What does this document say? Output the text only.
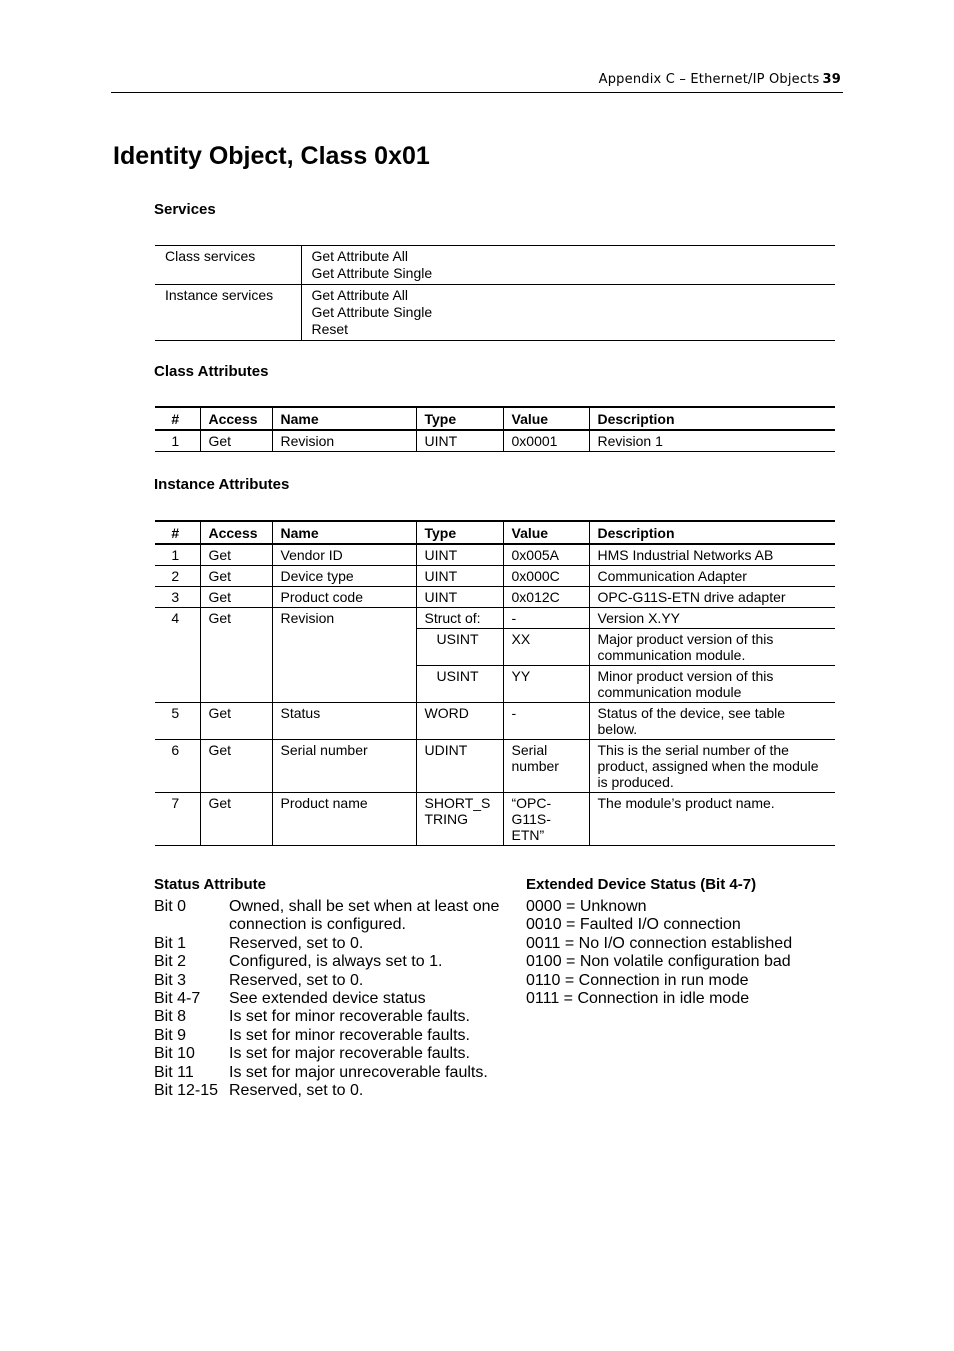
Appendix C – Ethernet/IP Objects 39
Identity Object, Class 0x01
Services
Class services	Get Attribute All
Get Attribute Single

Instance services	Get Attribute All
Get Attribute Single
Reset
Class Attributes
#	Access	Name	Type	Value	Description
1	Get	Revision	UINT	0x0001	Revision 1
Instance Attributes
#	Access	Name	Type	Value	Description
1	Get	Vendor ID	UINT	0x005A	HMS Industrial Networks AB
2	Get	Device type	UINT	0x000C	Communication Adapter
3	Get	Product code	UINT	0x012C	OPC-G11S-ETN drive adapter
4	Get	Revision	Struct of:	-	Version X.YY
			USINT	XX	Major product version of this communication module.
			USINT	YY	Minor product version of this communication module
5	Get	Status	WORD	-	Status of the device, see table below.
6	Get	Serial number	UDINT	Serial number	This is the serial number of the product, assigned when the module is produced.
7	Get	Product name	SHORT_S TRING	“OPC- G11S- ETN”	The module’s product name.
Status Attribute
Bit 0	Owned, shall be set when at least one connection is configured.
Bit 1	Reserved, set to 0.
Bit 2	Configured, is always set to 1.
Bit 3	Reserved, set to 0.
Bit 4-7	See extended device status
Bit 8	Is set for minor recoverable faults.
Bit 9	Is set for minor recoverable faults.
Bit 10	Is set for major recoverable faults.
Bit 11	Is set for major unrecoverable faults.
Bit 12-15 Reserved, set to 0.
Extended Device Status (Bit 4-7)
0000 = Unknown
0010 = Faulted I/O connection
0011 = No I/O connection established
0100 = Non volatile configuration bad
0110 = Connection in run mode
0111 = Connection in idle mode
